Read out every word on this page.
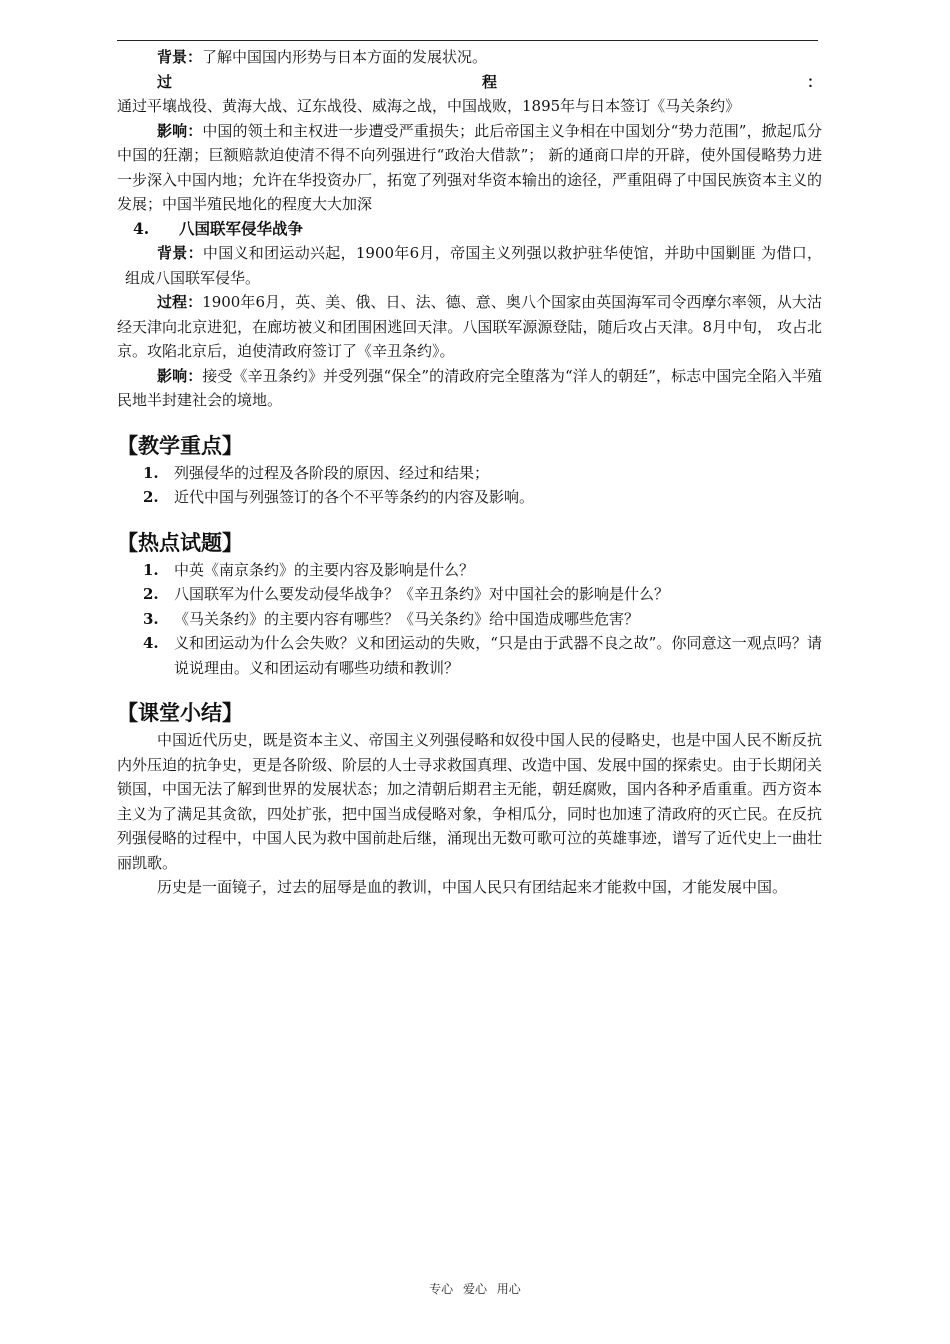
背景：了解中国国内形势与日本方面的发展状况。

过程：通过平壤战役、黄海大战、辽东战役、威海之战，中国战败，1895年与日本签订《马关条约》

影响：中国的领土和主权进一步遭受严重损失；此后帝国主义争相在中国划分“势力范围”，掀起瓜分中国的狂潮；巨额赔款迫使清不得不向列强进行“政治大借款”； 新的通商口岸的开辟，使外国侵略势力进一步深入中国内地；允许在华投资办厂，拓宽了列强对华资本输出的途径，严重阻碍了中国民族资本主义的发展；中国半殖民地化的程度大大加深

4. 八国联军侵华战争

背景：中国义和团运动兴起，1900年6月，帝国主义列强以救护驻华使馆，并助中国剿匪 为借口，组成八国联军侵华。

过程：1900年6月，英、美、俄、日、法、德、意、奥八个国家由英国海军司令西摩尔率领，从大沽经天津向北京进犯，在廊坊被义和团围困逃回天津。八国联军源源登陆，随后攻占天津。8月中旬， 攻占北京。攻陷北京后，迫使清政府签订了《辛丑条约》。

影响：接受《辛丑条约》并受列强“保全”的清政府完全堕落为“洋人的朝廷”，标志中国完全陷入半殖民地半封建社会的境地。

【教学重点】
1. 列强侵华的过程及各阶段的原因、经过和结果；
2. 近代中国与列强签订的各个不平等条约的内容及影响。
【热点试题】
1. 中英《南京条约》的主要内容及影响是什么？
2. 八国联军为什么要发动侵华战争？《辛丑条约》对中国社会的影响是什么？
3. 《马关条约》的主要内容有哪些？《马关条约》给中国造成哪些危害？
4. 义和团运动为什么会失败？义和团运动的失败，“只是由于武器不良之故”。你同意这一观点吗？请说说理由。义和团运动有哪些功绩和教训？
【课堂小结】

中国近代历史，既是资本主义、帝国主义列强侵略和奴役中国人民的侵略史，也是中国人民不断反抗内外压迫的抗争史，更是各阶级、阶层的人士寻求救国真理、改造中国、发展中国的探索史。由于长期闭关锁国，中国无法了解到世界的发展状态；加之清朝后期君主无能，朝廷腐败，国内各种矛盾重重。西方资本主义为了满足其贪欲，四处扩张，把中国当成侵略对象，争相瓜分，同时也加速了清政府的灭亡民。在反抗列强侵略的过程中，中国人民为救中国前赴后继，涌现出无数可歌可泣的英雄事迹，谱写了近代史上一曲壮丽凯歌。

历史是一面镜子，过去的屈辱是血的教训，中国人民只有团结起来才能救中国，才能发展中国。

专心 爱心 用心
